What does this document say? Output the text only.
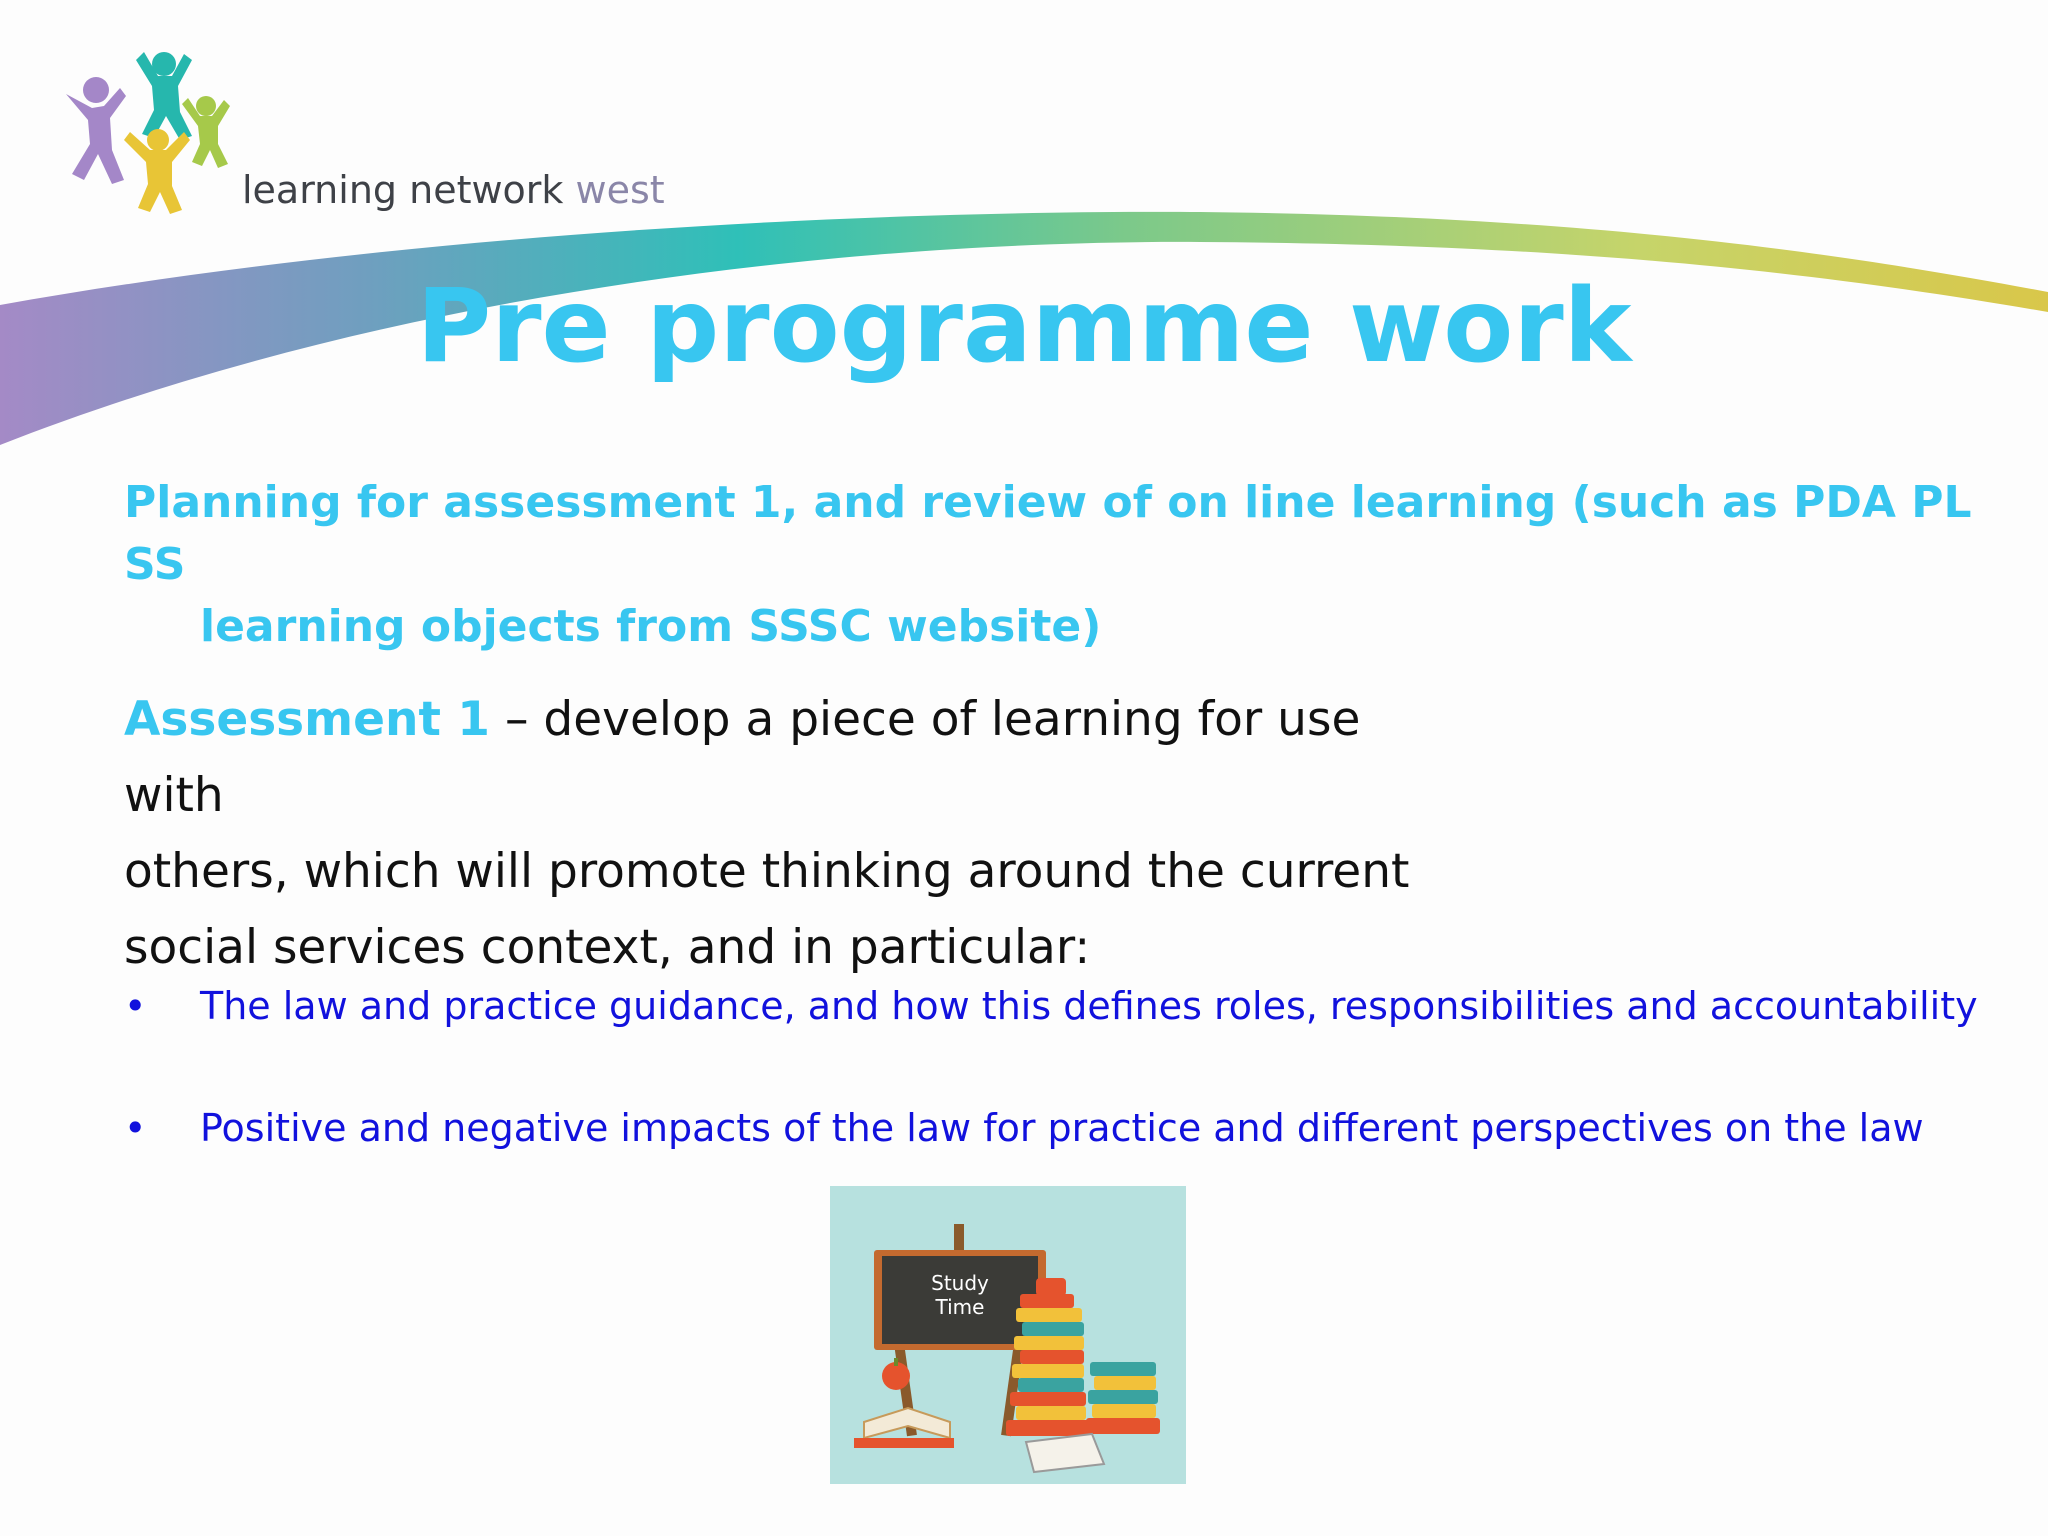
learning network west
Pre programme work
Planning for assessment 1, and review of on line learning (such as PDA PL SS
learning objects from SSSC website)
Assessment 1 – develop a piece of learning for use with
others, which will promote thinking around the current
social services context, and in particular:
• The law and practice guidance, and how this defines roles, responsibilities and accountability
• Positive and negative impacts of the law for practice and different perspectives on the law
Study
Time
